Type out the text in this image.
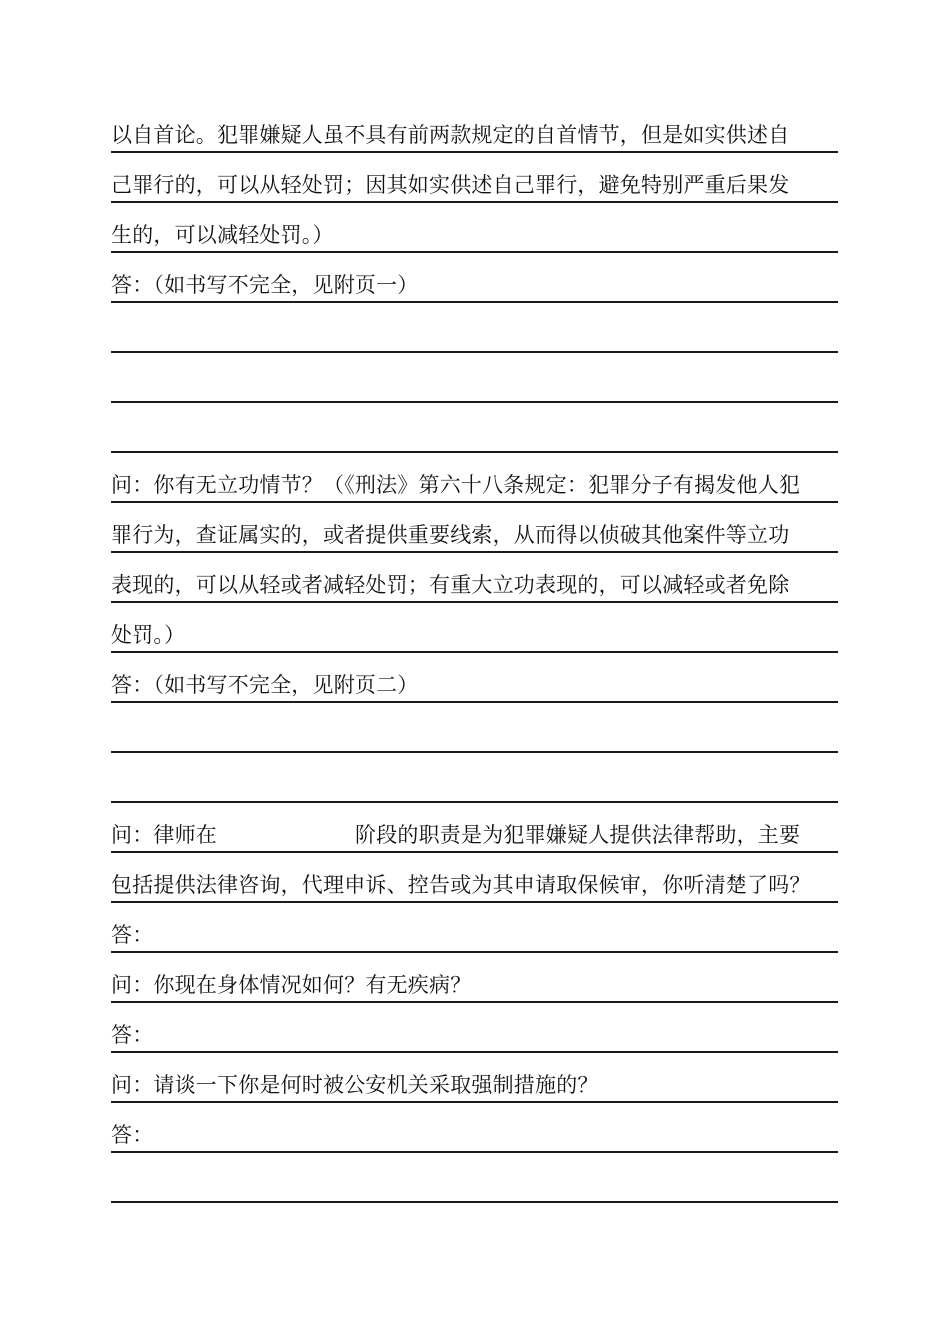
以自首论。犯罪嫌疑人虽不具有前两款规定的自首情节，但是如实供述自
己罪行的，可以从轻处罚；因其如实供述自己罪行，避免特别严重后果发
生的，可以减轻处罚。）
答：（如书写不完全，见附页一）
问：你有无立功情节？（《刑法》第六十八条规定：犯罪分子有揭发他人犯
罪行为，查证属实的，或者提供重要线索，从而得以侦破其他案件等立功
表现的，可以从轻或者减轻处罚；有重大立功表现的，可以减轻或者免除
处罚。）
答：（如书写不完全，见附页二）
问：律师在	阶段的职责是为犯罪嫌疑人提供法律帮助，主要
包括提供法律咨询，代理申诉、控告或为其申请取保候审，你听清楚了吗？
答：
问：你现在身体情况如何？有无疾病？
答：
问：请谈一下你是何时被公安机关采取强制措施的？
答：
